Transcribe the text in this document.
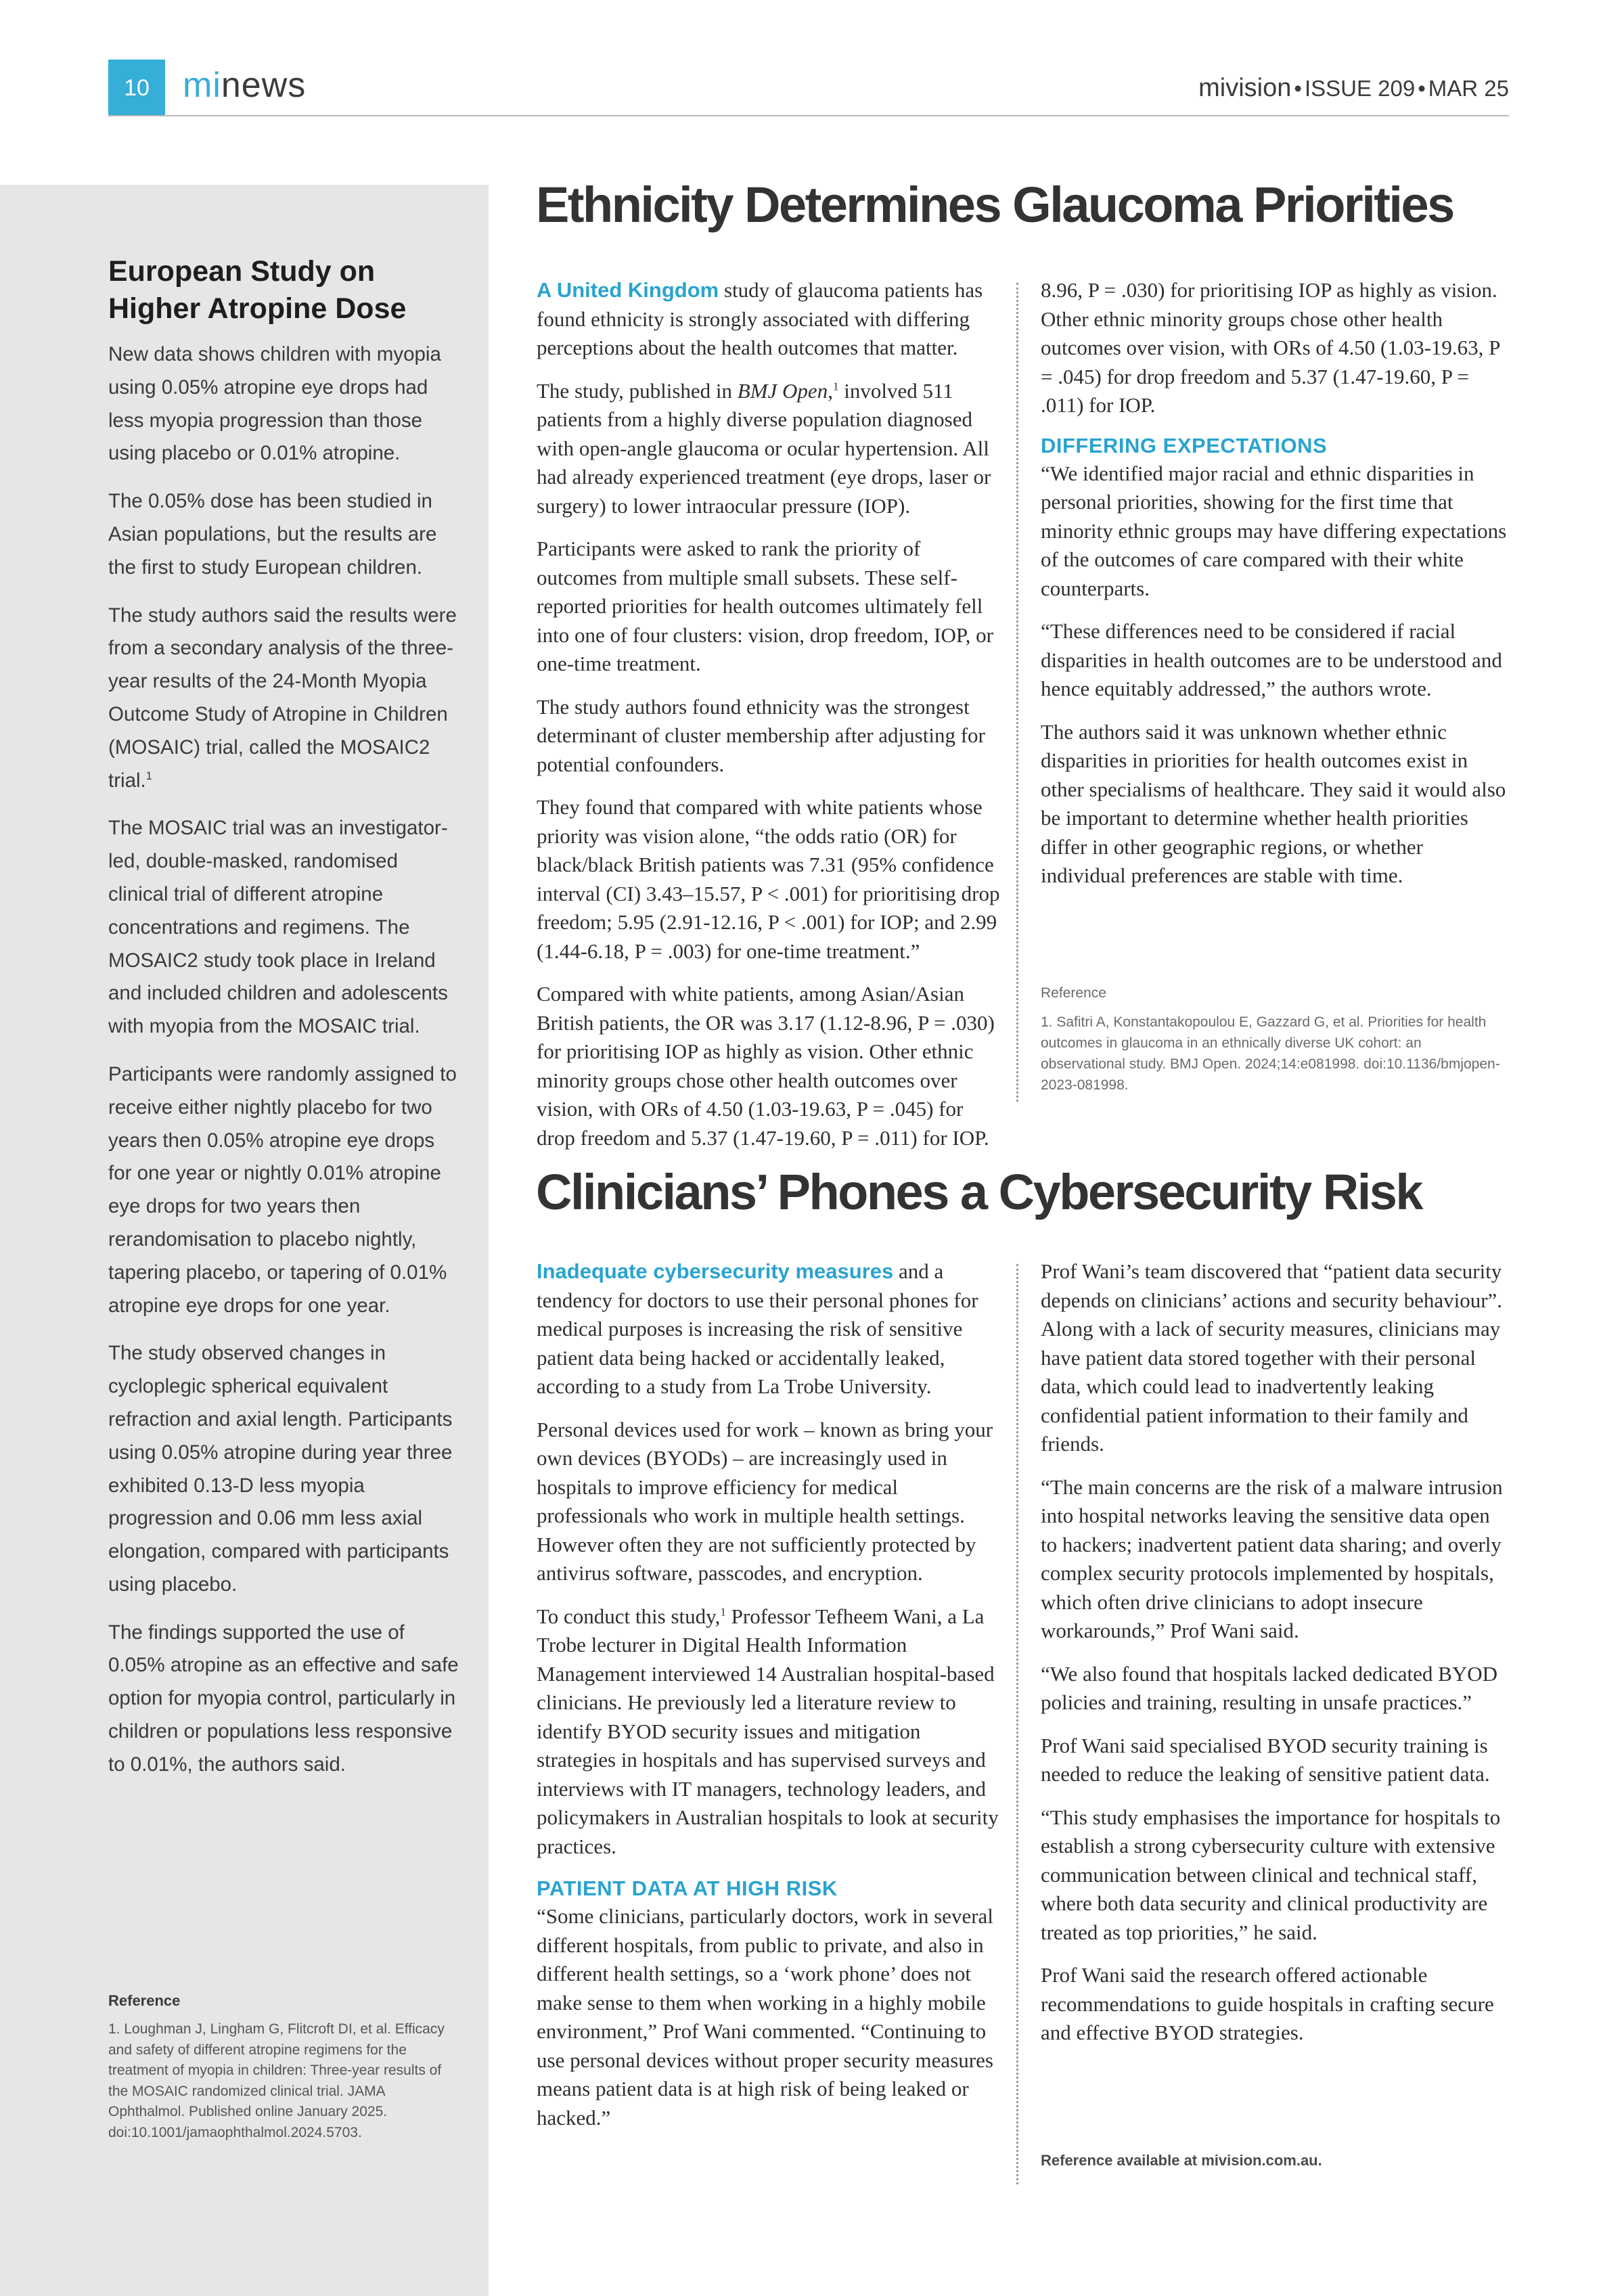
10 minews	mivision • ISSUE 209 • MAR 25
European Study on Higher Atropine Dose

New data shows children with myopia using 0.05% atropine eye drops had less myopia progression than those using placebo or 0.01% atropine.

The 0.05% dose has been studied in Asian populations, but the results are the first to study European children.

The study authors said the results were from a secondary analysis of the three-year results of the 24-Month Myopia Outcome Study of Atropine in Children (MOSAIC) trial, called the MOSAIC2 trial.$^1$

The MOSAIC trial was an investigator-led, double-masked, randomised clinical trial of different atropine concentrations and regimens. The MOSAIC2 study took place in Ireland and included children and adolescents with myopia from the MOSAIC trial.

Participants were randomly assigned to receive either nightly placebo for two years then 0.05% atropine eye drops for one year or nightly 0.01% atropine eye drops for two years then rerandomisation to placebo nightly, tapering placebo, or tapering of 0.01% atropine eye drops for one year.

The study observed changes in cycloplegic spherical equivalent refraction and axial length. Participants using 0.05% atropine during year three exhibited 0.13-D less myopia progression and 0.06 mm less axial elongation, compared with participants using placebo.

The findings supported the use of 0.05% atropine as an effective and safe option for myopia control, particularly in children or populations less responsive to 0.01%, the authors said.

Reference
1. Loughman J, Lingham G, Flitcroft DI, et al. Efficacy and safety of different atropine regimens for the treatment of myopia in children: Three-year results of the MOSAIC randomized clinical trial. JAMA Ophthalmol. Published online January 2025. doi:10.1001/jamaophthalmol.2024.5703.
Ethnicity Determines Glaucoma Priorities

A United Kingdom study of glaucoma patients has found ethnicity is strongly associated with differing perceptions about the health outcomes that matter.

The study, published in BMJ Open,$^1$ involved 511 patients from a highly diverse population diagnosed with open-angle glaucoma or ocular hypertension. All had already experienced treatment (eye drops, laser or surgery) to lower intraocular pressure (IOP).

Participants were asked to rank the priority of outcomes from multiple small subsets. These self-reported priorities for health outcomes ultimately fell into one of four clusters: vision, drop freedom, IOP, or one-time treatment.

The study authors found ethnicity was the strongest determinant of cluster membership after adjusting for potential confounders.

They found that compared with white patients whose priority was vision alone, “the odds ratio (OR) for black/black British patients was 7.31 (95% confidence interval (CI) 3.43–15.57, P < .001) for prioritising drop freedom; 5.95 (2.91-12.16, P < .001) for IOP; and 2.99 (1.44-6.18, P = .003) for one-time treatment.”

Compared with white patients, among Asian/Asian British patients, the OR was 3.17 (1.12-8.96, P = .030) for prioritising IOP as highly as vision. Other ethnic minority groups chose other health outcomes over vision, with ORs of 4.50 (1.03-19.63, P = .045) for drop freedom and 5.37 (1.47-19.60, P = .011) for IOP.

8.96, P = .030) for prioritising IOP as highly as vision. Other ethnic minority groups chose other health outcomes over vision, with ORs of 4.50 (1.03-19.63, P = .045) for drop freedom and 5.37 (1.47-19.60, P = .011) for IOP.

DIFFERING EXPECTATIONS

“We identified major racial and ethnic disparities in personal priorities, showing for the first time that minority ethnic groups may have differing expectations of the outcomes of care compared with their white counterparts.

“These differences need to be considered if racial disparities in health outcomes are to be understood and hence equitably addressed,” the authors wrote.

The authors said it was unknown whether ethnic disparities in priorities for health outcomes exist in other specialisms of healthcare. They said it would also be important to determine whether health priorities differ in other geographic regions, or whether individual preferences are stable with time.

Reference
1. Safitri A, Konstantakopoulou E, Gazzard G, et al. Priorities for health outcomes in glaucoma in an ethnically diverse UK cohort: an observational study. BMJ Open. 2024;14:e081998. doi:10.1136/bmjopen-2023-081998.
Clinicians’ Phones a Cybersecurity Risk

Inadequate cybersecurity measures and a tendency for doctors to use their personal phones for medical purposes is increasing the risk of sensitive patient data being hacked or accidentally leaked, according to a study from La Trobe University.

Personal devices used for work – known as bring your own devices (BYODs) – are increasingly used in hospitals to improve efficiency for medical professionals who work in multiple health settings. However often they are not sufficiently protected by antivirus software, passcodes, and encryption.

To conduct this study,$^1$ Professor Tefheem Wani, a La Trobe lecturer in Digital Health Information Management interviewed 14 Australian hospital-based clinicians. He previously led a literature review to identify BYOD security issues and mitigation strategies in hospitals and has supervised surveys and interviews with IT managers, technology leaders, and policymakers in Australian hospitals to look at security practices.

PATIENT DATA AT HIGH RISK

“Some clinicians, particularly doctors, work in several different hospitals, from public to private, and also in different health settings, so a ‘work phone’ does not make sense to them when working in a highly mobile environment,” Prof Wani commented. “Continuing to use personal devices without proper security measures means patient data is at high risk of being leaked or hacked.”

Prof Wani’s team discovered that “patient data security depends on clinicians’ actions and security behaviour”. Along with a lack of security measures, clinicians may have patient data stored together with their personal data, which could lead to inadvertently leaking confidential patient information to their family and friends.

“The main concerns are the risk of a malware intrusion into hospital networks leaving the sensitive data open to hackers; inadvertent patient data sharing; and overly complex security protocols implemented by hospitals, which often drive clinicians to adopt insecure workarounds,” Prof Wani said.

“We also found that hospitals lacked dedicated BYOD policies and training, resulting in unsafe practices.”

Prof Wani said specialised BYOD security training is needed to reduce the leaking of sensitive patient data.

“This study emphasises the importance for hospitals to establish a strong cybersecurity culture with extensive communication between clinical and technical staff, where both data security and clinical productivity are treated as top priorities,” he said.

Prof Wani said the research offered actionable recommendations to guide hospitals in crafting secure and effective BYOD strategies.

Reference available at mivision.com.au.
